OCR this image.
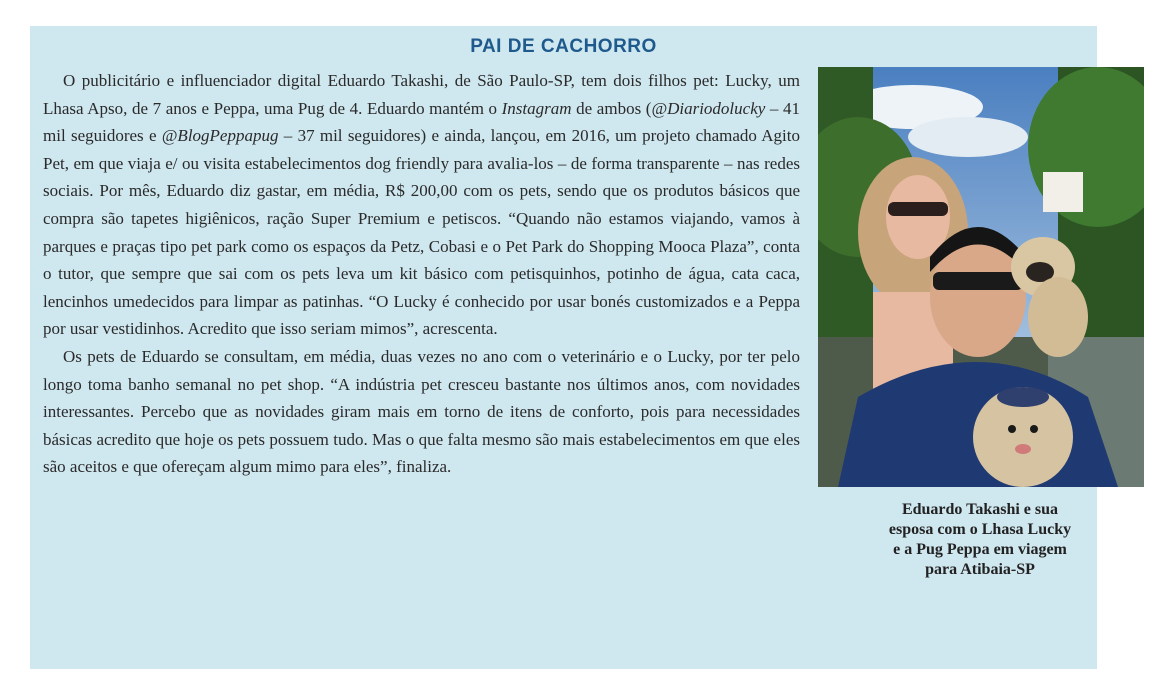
PAI DE CACHORRO

O publicitário e influenciador digital Eduardo Takashi, de São Paulo-SP, tem dois filhos pet: Lucky, um Lhasa Apso, de 7 anos e Peppa, uma Pug de 4. Eduardo mantém o Instagram de ambos (@Diariodolucky – 41 mil seguidores e @BlogPeppapug – 37 mil seguidores) e ainda, lançou, em 2016, um projeto chamado Agito Pet, em que viaja e/ ou visita estabelecimentos dog friendly para avalia-los – de forma transparente – nas redes sociais. Por mês, Eduardo diz gastar, em média, R$ 200,00 com os pets, sendo que os produtos básicos que compra são tapetes higiênicos, ração Super Premium e petiscos. “Quando não estamos viajando, vamos à parques e praças tipo pet park como os espaços da Petz, Cobasi e o Pet Park do Shopping Mooca Plaza”, conta o tutor, que sempre que sai com os pets leva um kit básico com petisquinhos, potinho de água, cata caca, lencinhos umedecidos para limpar as patinhas. “O Lucky é conhecido por usar bonés customizados e a Peppa por usar vestidinhos. Acredito que isso seriam mimos”, acrescenta.

Os pets de Eduardo se consultam, em média, duas vezes no ano com o veterinário e o Lucky, por ter pelo longo toma banho semanal no pet shop. “A indústria pet cresceu bastante nos últimos anos, com novidades interessantes. Percebo que as novidades giram mais em torno de itens de conforto, pois para necessidades básicas acredito que hoje os pets possuem tudo. Mas o que falta mesmo são mais estabelecimentos em que eles são aceitos e que ofereçam algum mimo para eles”, finaliza.

Eduardo Takashi e sua
esposa com o Lhasa Lucky
e a Pug Peppa em viagem
para Atibaia-SP
